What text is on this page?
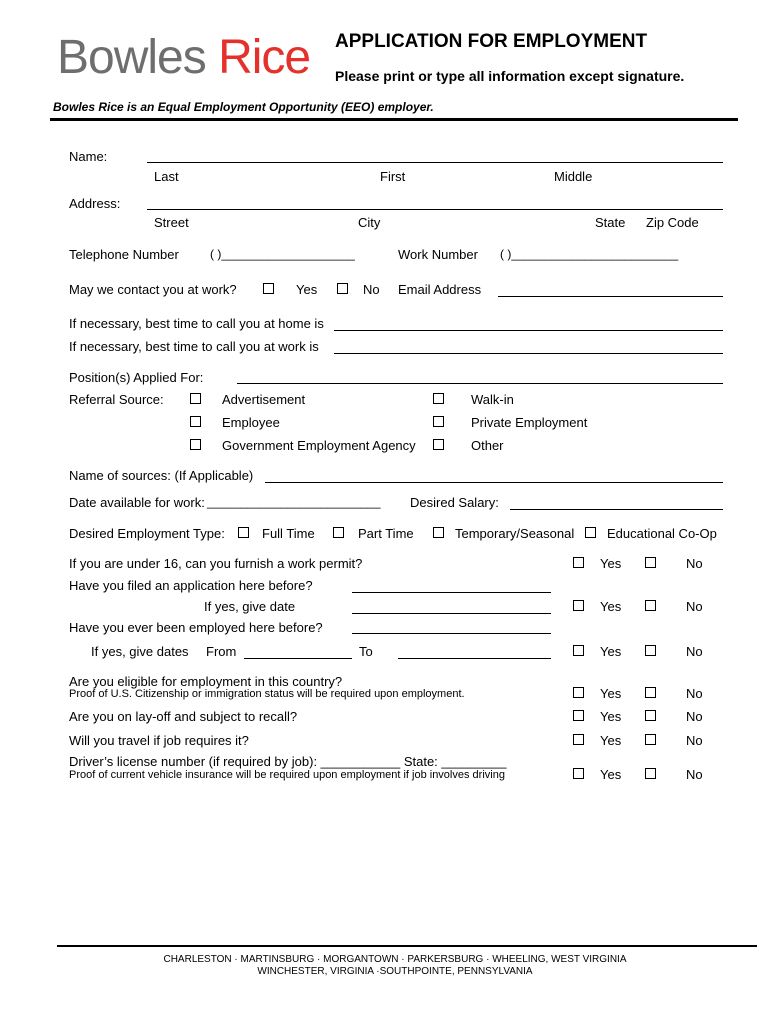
Bowles Rice APPLICATION FOR EMPLOYMENT
Please print or type all information except signature.
Bowles Rice is an Equal Employment Opportunity (EEO) employer.
Name:
Last	First	Middle
Address:
Street	City	State Zip Code
Telephone Number	( )____________________	Work Number ( )_________________________
May we contact you at work?	Yes	No Email Address
If necessary, best time to call you at home is
If necessary, best time to call you at work is
Position(s) Applied For:
Referral Source:	Advertisement	Walk-in
Employee	Private Employment
Government Employment Agency	Other
Name of sources: (If Applicable)
Date available for work: __________________________ Desired Salary:
Desired Employment Type:	Full Time	Part Time	Temporary/Seasonal	Educational Co-Op
If you are under 16, can you furnish a work permit?	Yes	No
Have you filed an application here before?
If yes, give date	Yes	No
Have you ever been employed here before?
If yes, give dates From	To	Yes	No
Are you eligible for employment in this country?
Proof of U.S. Citizenship or immigration status will be required upon employment.	Yes	No
Are you on lay-off and subject to recall?	Yes	No
Will you travel if job requires it?	Yes	No
Driver’s license number (if required by job): ___________ State: _________
Proof of current vehicle insurance will be required upon employment if job involves driving	Yes	No
CHARLESTON · MARTINSBURG · MORGANTOWN · PARKERSBURG · WHEELING, WEST VIRGINIA
WINCHESTER, VIRGINIA ·SOUTHPOINTE, PENNSYLVANIA
